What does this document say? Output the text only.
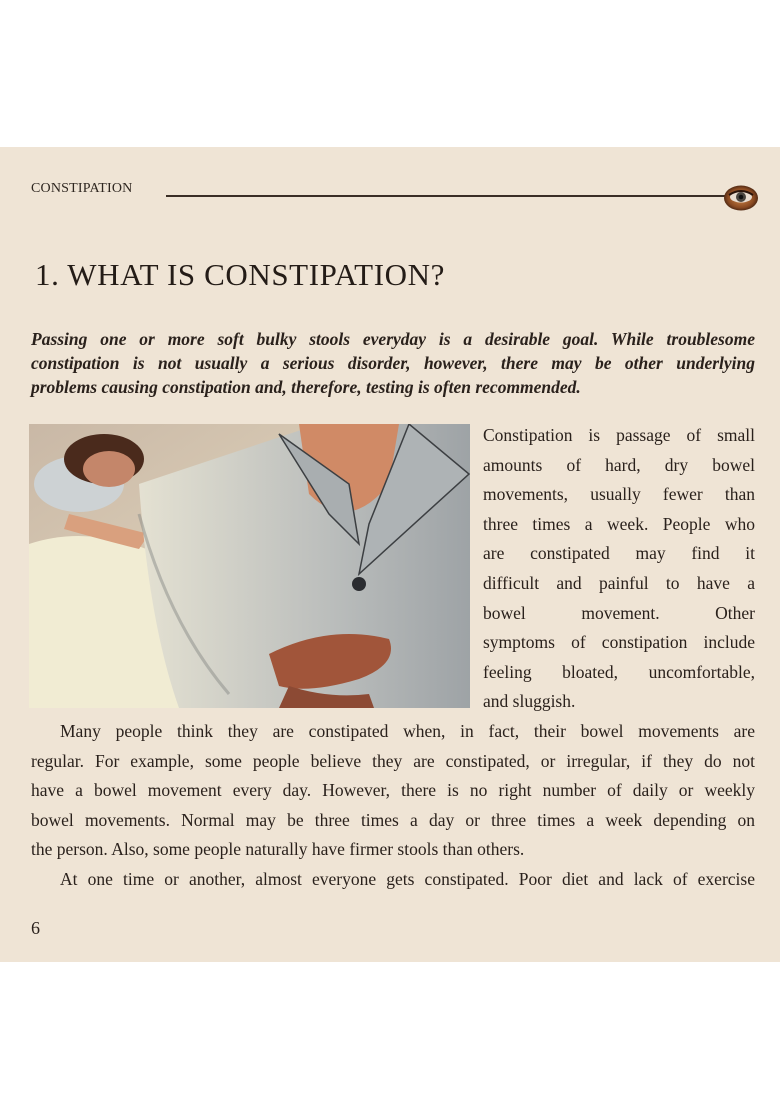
CONSTIPATION
1. WHAT IS CONSTIPATION?
Passing one or more soft bulky stools everyday is a desirable goal. While troublesome
constipation is not usually a serious disorder, however, there may be other underlying
problems causing constipation and, therefore, testing is often recommended.
Constipation is passage of small
amounts of hard, dry bowel
movements, usually fewer than
three times a week. People who
are constipated may find it
difficult and painful to have a
bowel movement. Other
symptoms of constipation include
feeling bloated, uncomfortable,
and sluggish.
Many people think they are constipated when, in fact, their bowel movements are
regular. For example, some people believe they are constipated, or irregular, if they do not
have a bowel movement every day. However, there is no right number of daily or weekly
bowel movements. Normal may be three times a day or three times a week depending on
the person. Also, some people naturally have firmer stools than others.
At one time or another, almost everyone gets constipated. Poor diet and lack of exercise
6
